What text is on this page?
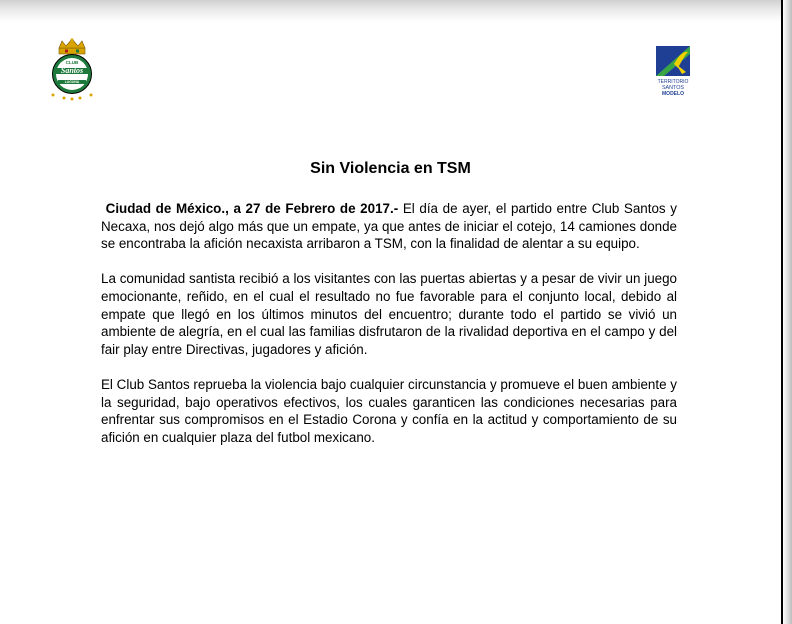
CLUB
Santos
LAGUNA	TERRITORIO
SANTOS
MODELO
Sin Violencia en TSM

Ciudad de México., a 27 de Febrero de 2017.- El día de ayer, el partido entre Club Santos y Necaxa, nos dejó algo más que un empate, ya que antes de iniciar el cotejo, 14 camiones donde se encontraba la afición necaxista arribaron a TSM, con la finalidad de alentar a su equipo.

La comunidad santista recibió a los visitantes con las puertas abiertas y a pesar de vivir un juego emocionante, reñido, en el cual el resultado no fue favorable para el conjunto local, debido al empate que llegó en los últimos minutos del encuentro; durante todo el partido se vivió un ambiente de alegría, en el cual las familias disfrutaron de la rivalidad deportiva en el campo y del fair play entre Directivas, jugadores y afición.

El Club Santos reprueba la violencia bajo cualquier circunstancia y promueve el buen ambiente y la seguridad, bajo operativos efectivos, los cuales garanticen las condiciones necesarias para enfrentar sus compromisos en el Estadio Corona y confía en la actitud y comportamiento de su afición en cualquier plaza del futbol mexicano.
